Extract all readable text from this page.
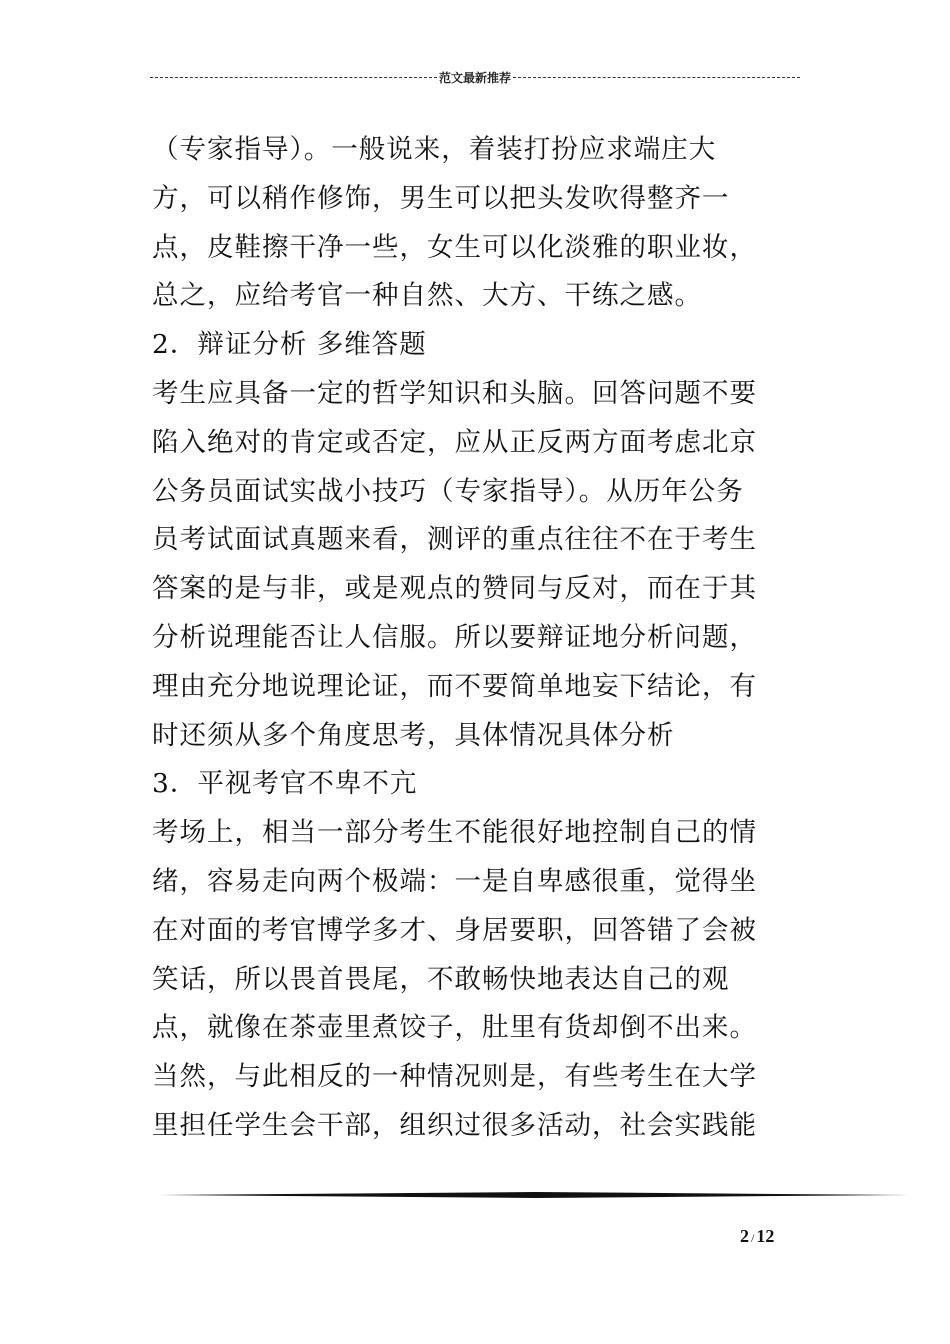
范文最新推荐
（专家指导）。一般说来，着装打扮应求端庄大
方，可以稍作修饰，男生可以把头发吹得整齐一
点，皮鞋擦干净一些，女生可以化淡雅的职业妆，
总之，应给考官一种自然、大方、干练之感。
2．辩证分析 多维答题
考生应具备一定的哲学知识和头脑。回答问题不要
陷入绝对的肯定或否定，应从正反两方面考虑北京
公务员面试实战小技巧（专家指导）。从历年公务
员考试面试真题来看，测评的重点往往不在于考生
答案的是与非，或是观点的赞同与反对，而在于其
分析说理能否让人信服。所以要辩证地分析问题，
理由充分地说理论证，而不要简单地妄下结论，有
时还须从多个角度思考，具体情况具体分析
3．平视考官不卑不亢
考场上，相当一部分考生不能很好地控制自己的情
绪，容易走向两个极端：一是自卑感很重，觉得坐
在对面的考官博学多才、身居要职，回答错了会被
笑话，所以畏首畏尾，不敢畅快地表达自己的观
点，就像在茶壶里煮饺子，肚里有货却倒不出来。
当然，与此相反的一种情况则是，有些考生在大学
里担任学生会干部，组织过很多活动，社会实践能
2 / 12
